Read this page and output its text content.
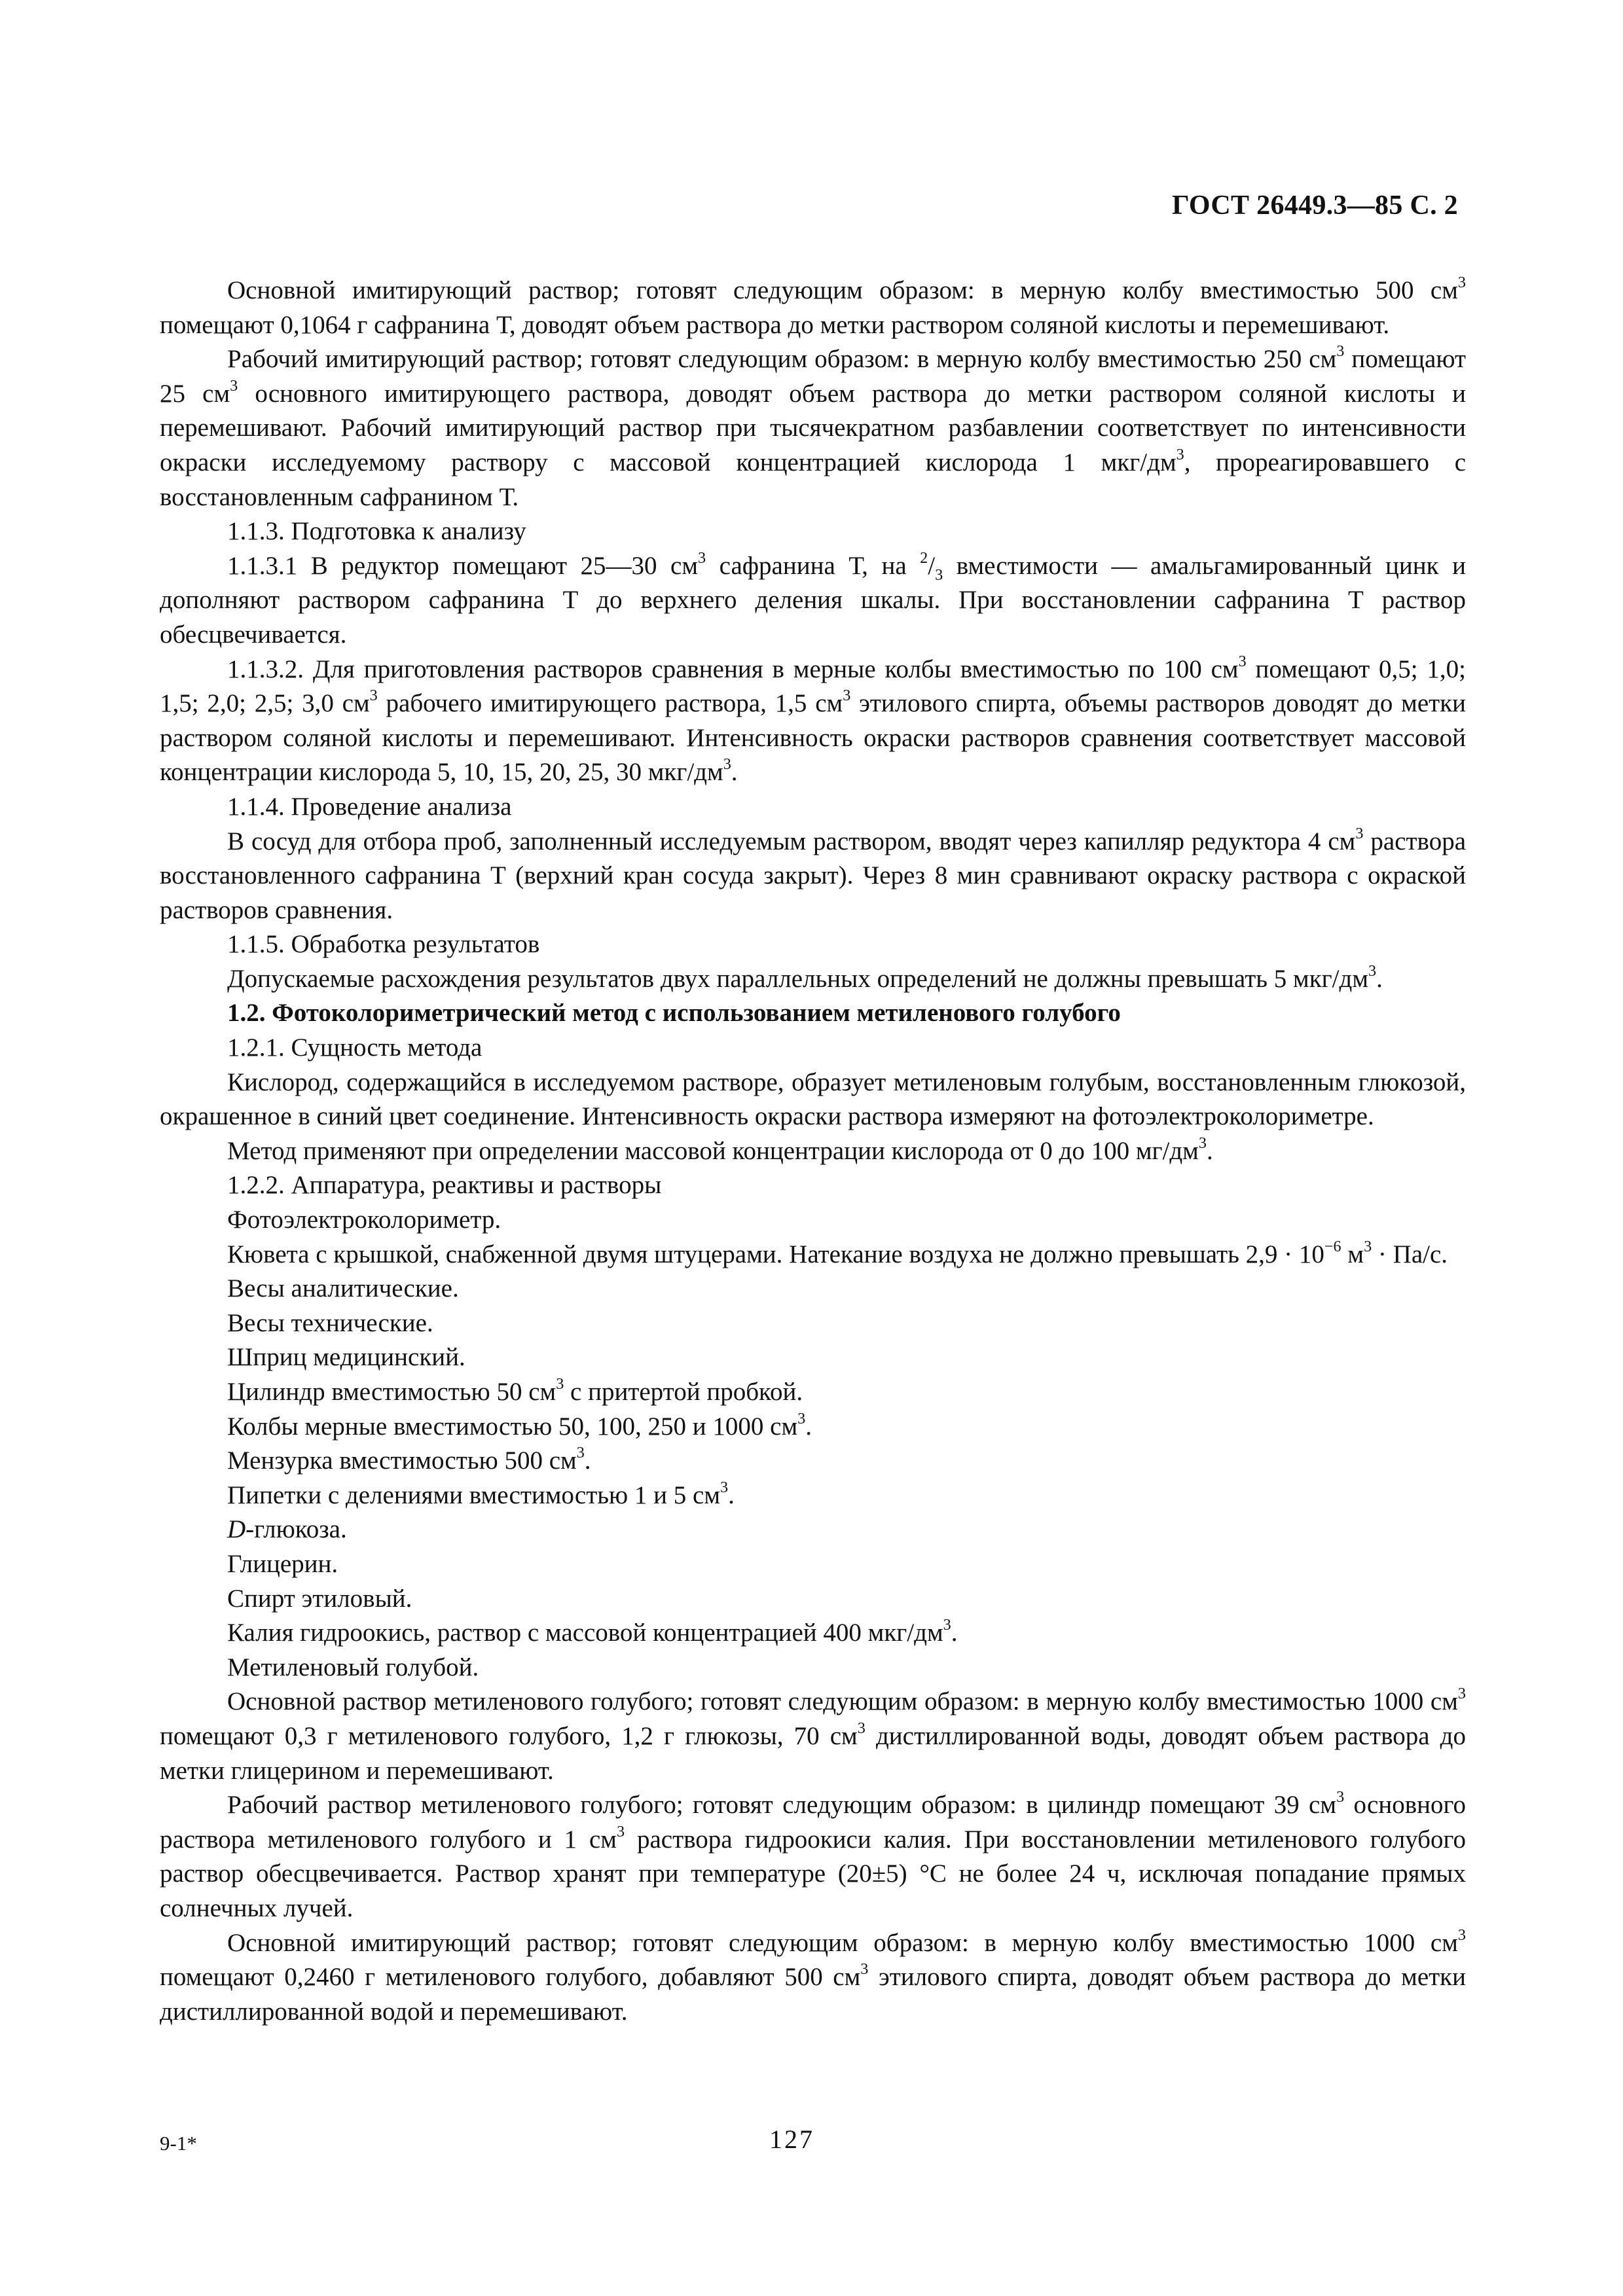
ГОСТ 26449.3—85 С. 2

Основной имитирующий раствор; готовят следующим образом: в мерную колбу вместимостью 500 $см^3$ помещают 0,1064 г сафранина Т, доводят объем раствора до метки раствором соляной кислоты и перемешивают.

Рабочий имитирующий раствор; готовят следующим образом: в мерную колбу вместимостью 250 $см^3$ помещают 25 $см^3$ основного имитирующего раствора, доводят объем раствора до метки раствором соляной кислоты и перемешивают. Рабочий имитирующий раствор при тысячекратном разбавлении соответствует по интенсивности окраски исследуемому раствору с массовой концентрацией кислорода 1 мкг/$дм^3$, прореагировавшего с восстановленным сафранином Т.

1.1.3. Подготовка к анализу

1.1.3.1 В редуктор помещают 25—30 $см^3$ сафранина Т, на $^2/_3$ вместимости — амальгамированный цинк и дополняют раствором сафранина Т до верхнего деления шкалы. При восстановлении сафранина Т раствор обесцвечивается.

1.1.3.2. Для приготовления растворов сравнения в мерные колбы вместимостью по 100 $см^3$ помещают 0,5; 1,0; 1,5; 2,0; 2,5; 3,0 $см^3$ рабочего имитирующего раствора, 1,5 $см^3$ этилового спирта, объемы растворов доводят до метки раствором соляной кислоты и перемешивают. Интенсивность окраски растворов сравнения соответствует массовой концентрации кислорода 5, 10, 15, 20, 25, 30 мкг/$дм^3$.

1.1.4. Проведение анализа

В сосуд для отбора проб, заполненный исследуемым раствором, вводят через капилляр редуктора 4 $см^3$ раствора восстановленного сафранина Т (верхний кран сосуда закрыт). Через 8 мин сравнивают окраску раствора с окраской растворов сравнения.

1.1.5. Обработка результатов

Допускаемые расхождения результатов двух параллельных определений не должны превышать 5 мкг/$дм^3$.

1.2. Фотоколориметрический метод с использованием метиленового голубого

1.2.1. Сущность метода

Кислород, содержащийся в исследуемом растворе, образует метиленовым голубым, восстановленным глюкозой, окрашенное в синий цвет соединение. Интенсивность окраски раствора измеряют на фотоэлектроколориметре.

Метод применяют при определении массовой концентрации кислорода от 0 до 100 $мг/дм^3$.

1.2.2. Аппаратура, реактивы и растворы

Фотоэлектроколориметр.

Кювета с крышкой, снабженной двумя штуцерами. Натекание воздуха не должно превышать $2,9 \cdot 10^{-6}$ $м^3 \cdot Па/с$.

Весы аналитические.

Весы технические.

Шприц медицинский.

Цилиндр вместимостью 50 $см^3$ с притертой пробкой.

Колбы мерные вместимостью 50, 100, 250 и 1000 $см^3$.

Мензурка вместимостью 500 $см^3$.

Пипетки с делениями вместимостью 1 и 5 $см^3$.

D-глюкоза.

Глицерин.

Спирт этиловый.

Калия гидроокись, раствор с массовой концентрацией 400 мкг/$дм^3$.

Метиленовый голубой.

Основной раствор метиленового голубого; готовят следующим образом: в мерную колбу вместимостью 1000 $см^3$ помещают 0,3 г метиленового голубого, 1,2 г глюкозы, 70 $см^3$ дистиллированной воды, доводят объем раствора до метки глицерином и перемешивают.

Рабочий раствор метиленового голубого; готовят следующим образом: в цилиндр помещают 39 $см^3$ основного раствора метиленового голубого и 1 $см^3$ раствора гидроокиси калия. При восстановлении метиленового голубого раствор обесцвечивается. Раствор хранят при температуре (20±5) °С не более 24 ч, исключая попадание прямых солнечных лучей.

Основной имитирующий раствор; готовят следующим образом: в мерную колбу вместимостью 1000 $см^3$ помещают 0,2460 г метиленового голубого, добавляют 500 $см^3$ этилового спирта, доводят объем раствора до метки дистиллированной водой и перемешивают.

9-1*	127
